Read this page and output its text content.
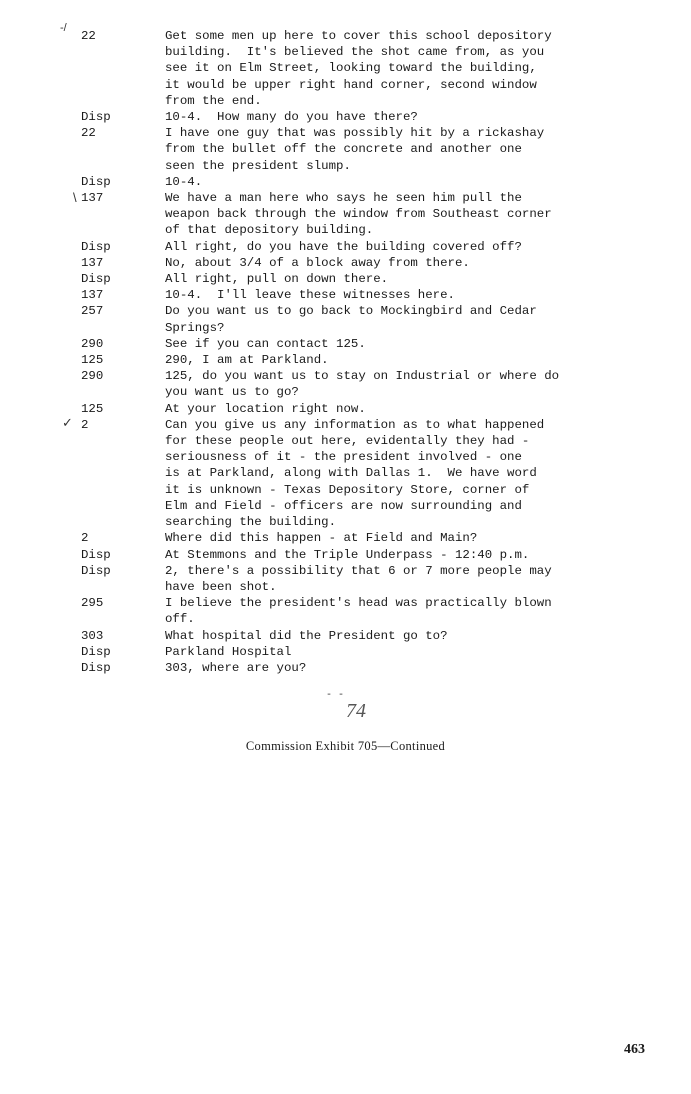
22	Get some men up here to cover this school depository
building.  It's believed the shot came from, as you
see it on Elm Street, looking toward the building,
it would be upper right hand corner, second window
from the end.
Disp	10-4.  How many do you have there?
22	I have one guy that was possibly hit by a rickashay
from the bullet off the concrete and another one
seen the president slump.
Disp	10-4.
137	We have a man here who says he seen him pull the
weapon back through the window from Southeast corner
of that depository building.
Disp	All right, do you have the building covered off?
137	No, about 3/4 of a block away from there.
Disp	All right, pull on down there.
137	10-4.  I'll leave these witnesses here.
257	Do you want us to go back to Mockingbird and Cedar
Springs?
290	See if you can contact 125.
125	290, I am at Parkland.
290	125, do you want us to stay on Industrial or where do
you want us to go?
125	At your location right now.
2	Can you give us any information as to what happened
for these people out here, evidentally they had -
seriousness of it - the president involved - one
is at Parkland, along with Dallas 1.  We have word
it is unknown - Texas Depository Store, corner of
Elm and Field - officers are now surrounding and
searching the building.
2	Where did this happen - at Field and Main?
Disp	At Stemmons and the Triple Underpass - 12:40 p.m.
Disp	2, there's a possibility that 6 or 7 more people may
have been shot.
295	I believe the president's head was practically blown
off.
303	What hospital did the President go to?
Disp	Parkland Hospital
Disp	303, where are you?
‑/
\
✓
- -
74
Commission Exhibit 705—Continued
463
